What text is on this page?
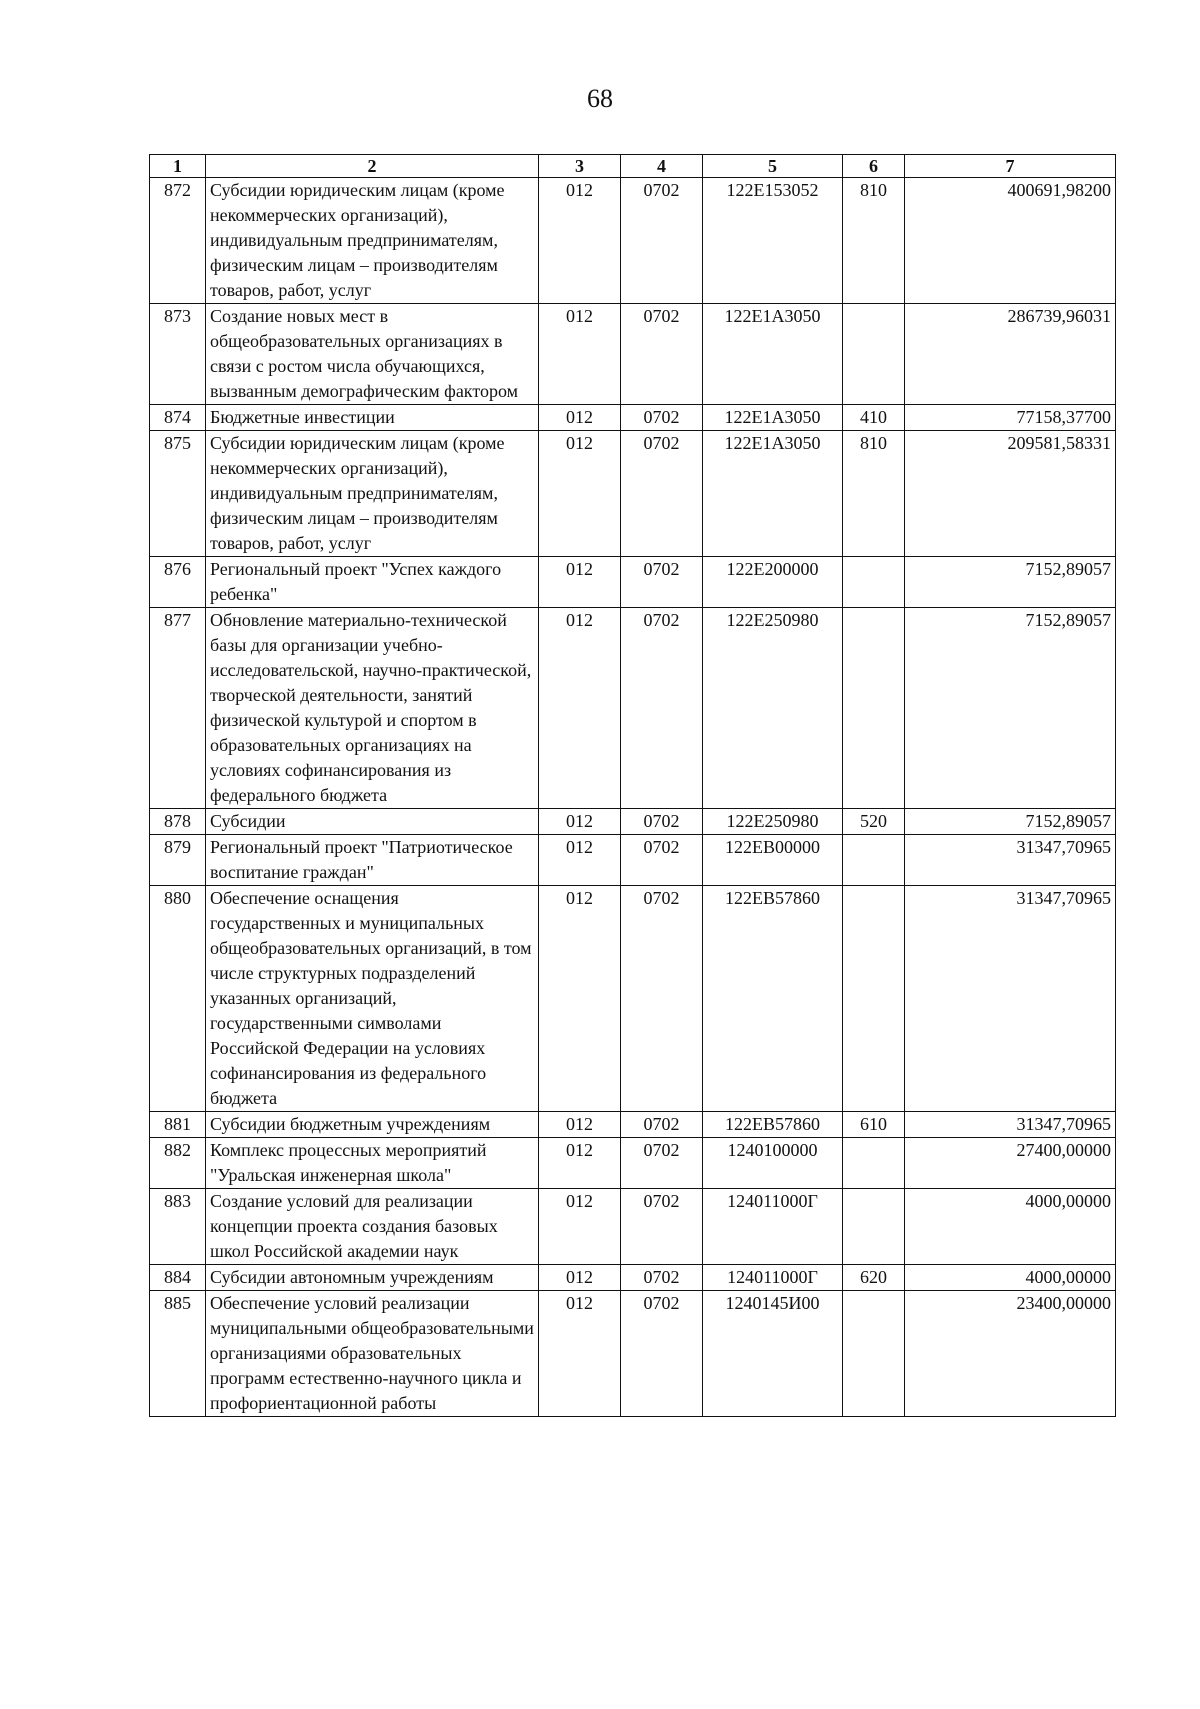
68
1	2	3	4	5	6	7
872	Субсидии юридическим лицам (кроме некоммерческих организаций), индивидуальным предпринимателям, физическим лицам – производителям товаров, работ, услуг	012	0702	122Е153052	810	400691,98200
873	Создание новых мест в общеобразовательных организациях в связи с ростом числа обучающихся, вызванным демографическим фактором	012	0702	122Е1А3050		286739,96031
874	Бюджетные инвестиции	012	0702	122Е1А3050	410	77158,37700
875	Субсидии юридическим лицам (кроме некоммерческих организаций), индивидуальным предпринимателям, физическим лицам – производителям товаров, работ, услуг	012	0702	122Е1А3050	810	209581,58331
876	Региональный проект "Успех каждого ребенка"	012	0702	122Е200000		7152,89057
877	Обновление материально-технической базы для организации учебно-исследовательской, научно-практической, творческой деятельности, занятий физической культурой и спортом в образовательных организациях на условиях софинансирования из федерального бюджета	012	0702	122Е250980		7152,89057
878	Субсидии	012	0702	122Е250980	520	7152,89057
879	Региональный проект "Патриотическое воспитание граждан"	012	0702	122ЕВ00000		31347,70965
880	Обеспечение оснащения государственных и муниципальных общеобразовательных организаций, в том числе структурных подразделений указанных организаций, государственными символами Российской Федерации на условиях софинансирования из федерального бюджета	012	0702	122ЕВ57860		31347,70965
881	Субсидии бюджетным учреждениям	012	0702	122ЕВ57860	610	31347,70965
882	Комплекс процессных мероприятий "Уральская инженерная школа"	012	0702	1240100000		27400,00000
883	Создание условий для реализации концепции проекта создания базовых школ Российской академии наук	012	0702	124011000Г		4000,00000
884	Субсидии автономным учреждениям	012	0702	124011000Г	620	4000,00000
885	Обеспечение условий реализации муниципальными общеобразовательными организациями образовательных программ естественно-научного цикла и профориентационной работы	012	0702	1240145И00		23400,00000
